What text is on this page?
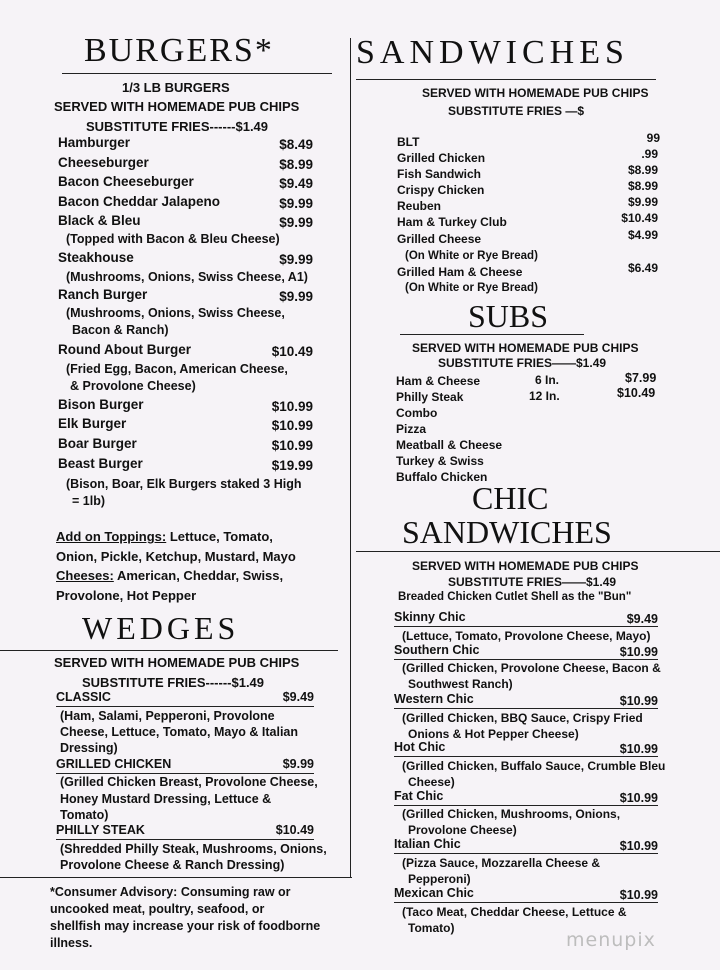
BURGERS*
1/3 LB BURGERS
SERVED WITH HOMEMADE PUB CHIPS
SUBSTITUTE FRIES------$1.49
Hamburger	$8.49
Cheeseburger	$8.99
Bacon Cheeseburger	$9.49
Bacon Cheddar Jalapeno	$9.99
Black & Bleu	$9.99
(Topped with Bacon & Bleu Cheese)
Steakhouse	$9.99
(Mushrooms, Onions, Swiss Cheese, A1)
Ranch Burger	$9.99
(Mushrooms, Onions, Swiss Cheese,
Bacon & Ranch)
Round About Burger	$10.49
(Fried Egg, Bacon, American Cheese,
& Provolone Cheese)
Bison Burger	$10.99
Elk Burger	$10.99
Boar Burger	$10.99
Beast Burger	$19.99
(Bison, Boar, Elk Burgers staked 3 High
= 1lb)
Add on Toppings: Lettuce, Tomato,
Onion, Pickle, Ketchup, Mustard, Mayo
Cheeses: American, Cheddar, Swiss,
Provolone, Hot Pepper
WEDGES
SERVED WITH HOMEMADE PUB CHIPS
SUBSTITUTE FRIES------$1.49
CLASSIC	$9.49
(Ham, Salami, Pepperoni, Provolone
Cheese, Lettuce, Tomato, Mayo & Italian
Dressing)
GRILLED CHICKEN	$9.99
(Grilled Chicken Breast, Provolone Cheese,
Honey Mustard Dressing, Lettuce &
Tomato)
PHILLY STEAK	$10.49
(Shredded Philly Steak, Mushrooms, Onions,
Provolone Cheese & Ranch Dressing)
*Consumer Advisory: Consuming raw or
uncooked meat, poultry, seafood, or
shellfish may increase your risk of foodborne
illness.
SANDWICHES
SERVED WITH HOMEMADE PUB CHIPS
SUBSTITUTE FRIES —$
BLT	99
Grilled Chicken	.99
Fish Sandwich	$8.99
Crispy Chicken	$8.99
Reuben	$9.99
Ham & Turkey Club	$10.49
Grilled Cheese	$4.99
(On White or Rye Bread)
Grilled Ham & Cheese	$6.49
(On White or Rye Bread)
SUBS
SERVED WITH HOMEMADE PUB CHIPS
SUBSTITUTE FRIES——$1.49
Ham & Cheese	6 In.	$7.99
Philly Steak	12 In.	$10.49
Combo
Pizza
Meatball & Cheese
Turkey & Swiss
Buffalo Chicken
CHIC
SANDWICHES
SERVED WITH HOMEMADE PUB CHIPS
SUBSTITUTE FRIES——$1.49
Breaded Chicken Cutlet Shell as the "Bun"
Skinny Chic	$9.49
(Lettuce, Tomato, Provolone Cheese, Mayo)
Southern Chic	$10.99
(Grilled Chicken, Provolone Cheese, Bacon &
Southwest Ranch)
Western Chic	$10.99
(Grilled Chicken, BBQ Sauce, Crispy Fried
Onions & Hot Pepper Cheese)
Hot Chic	$10.99
(Grilled Chicken, Buffalo Sauce, Crumble Bleu
Cheese)
Fat Chic	$10.99
(Grilled Chicken, Mushrooms, Onions,
Provolone Cheese)
Italian Chic	$10.99
(Pizza Sauce, Mozzarella Cheese &
Pepperoni)
Mexican Chic	$10.99
(Taco Meat, Cheddar Cheese, Lettuce &
Tomato)
menupix
